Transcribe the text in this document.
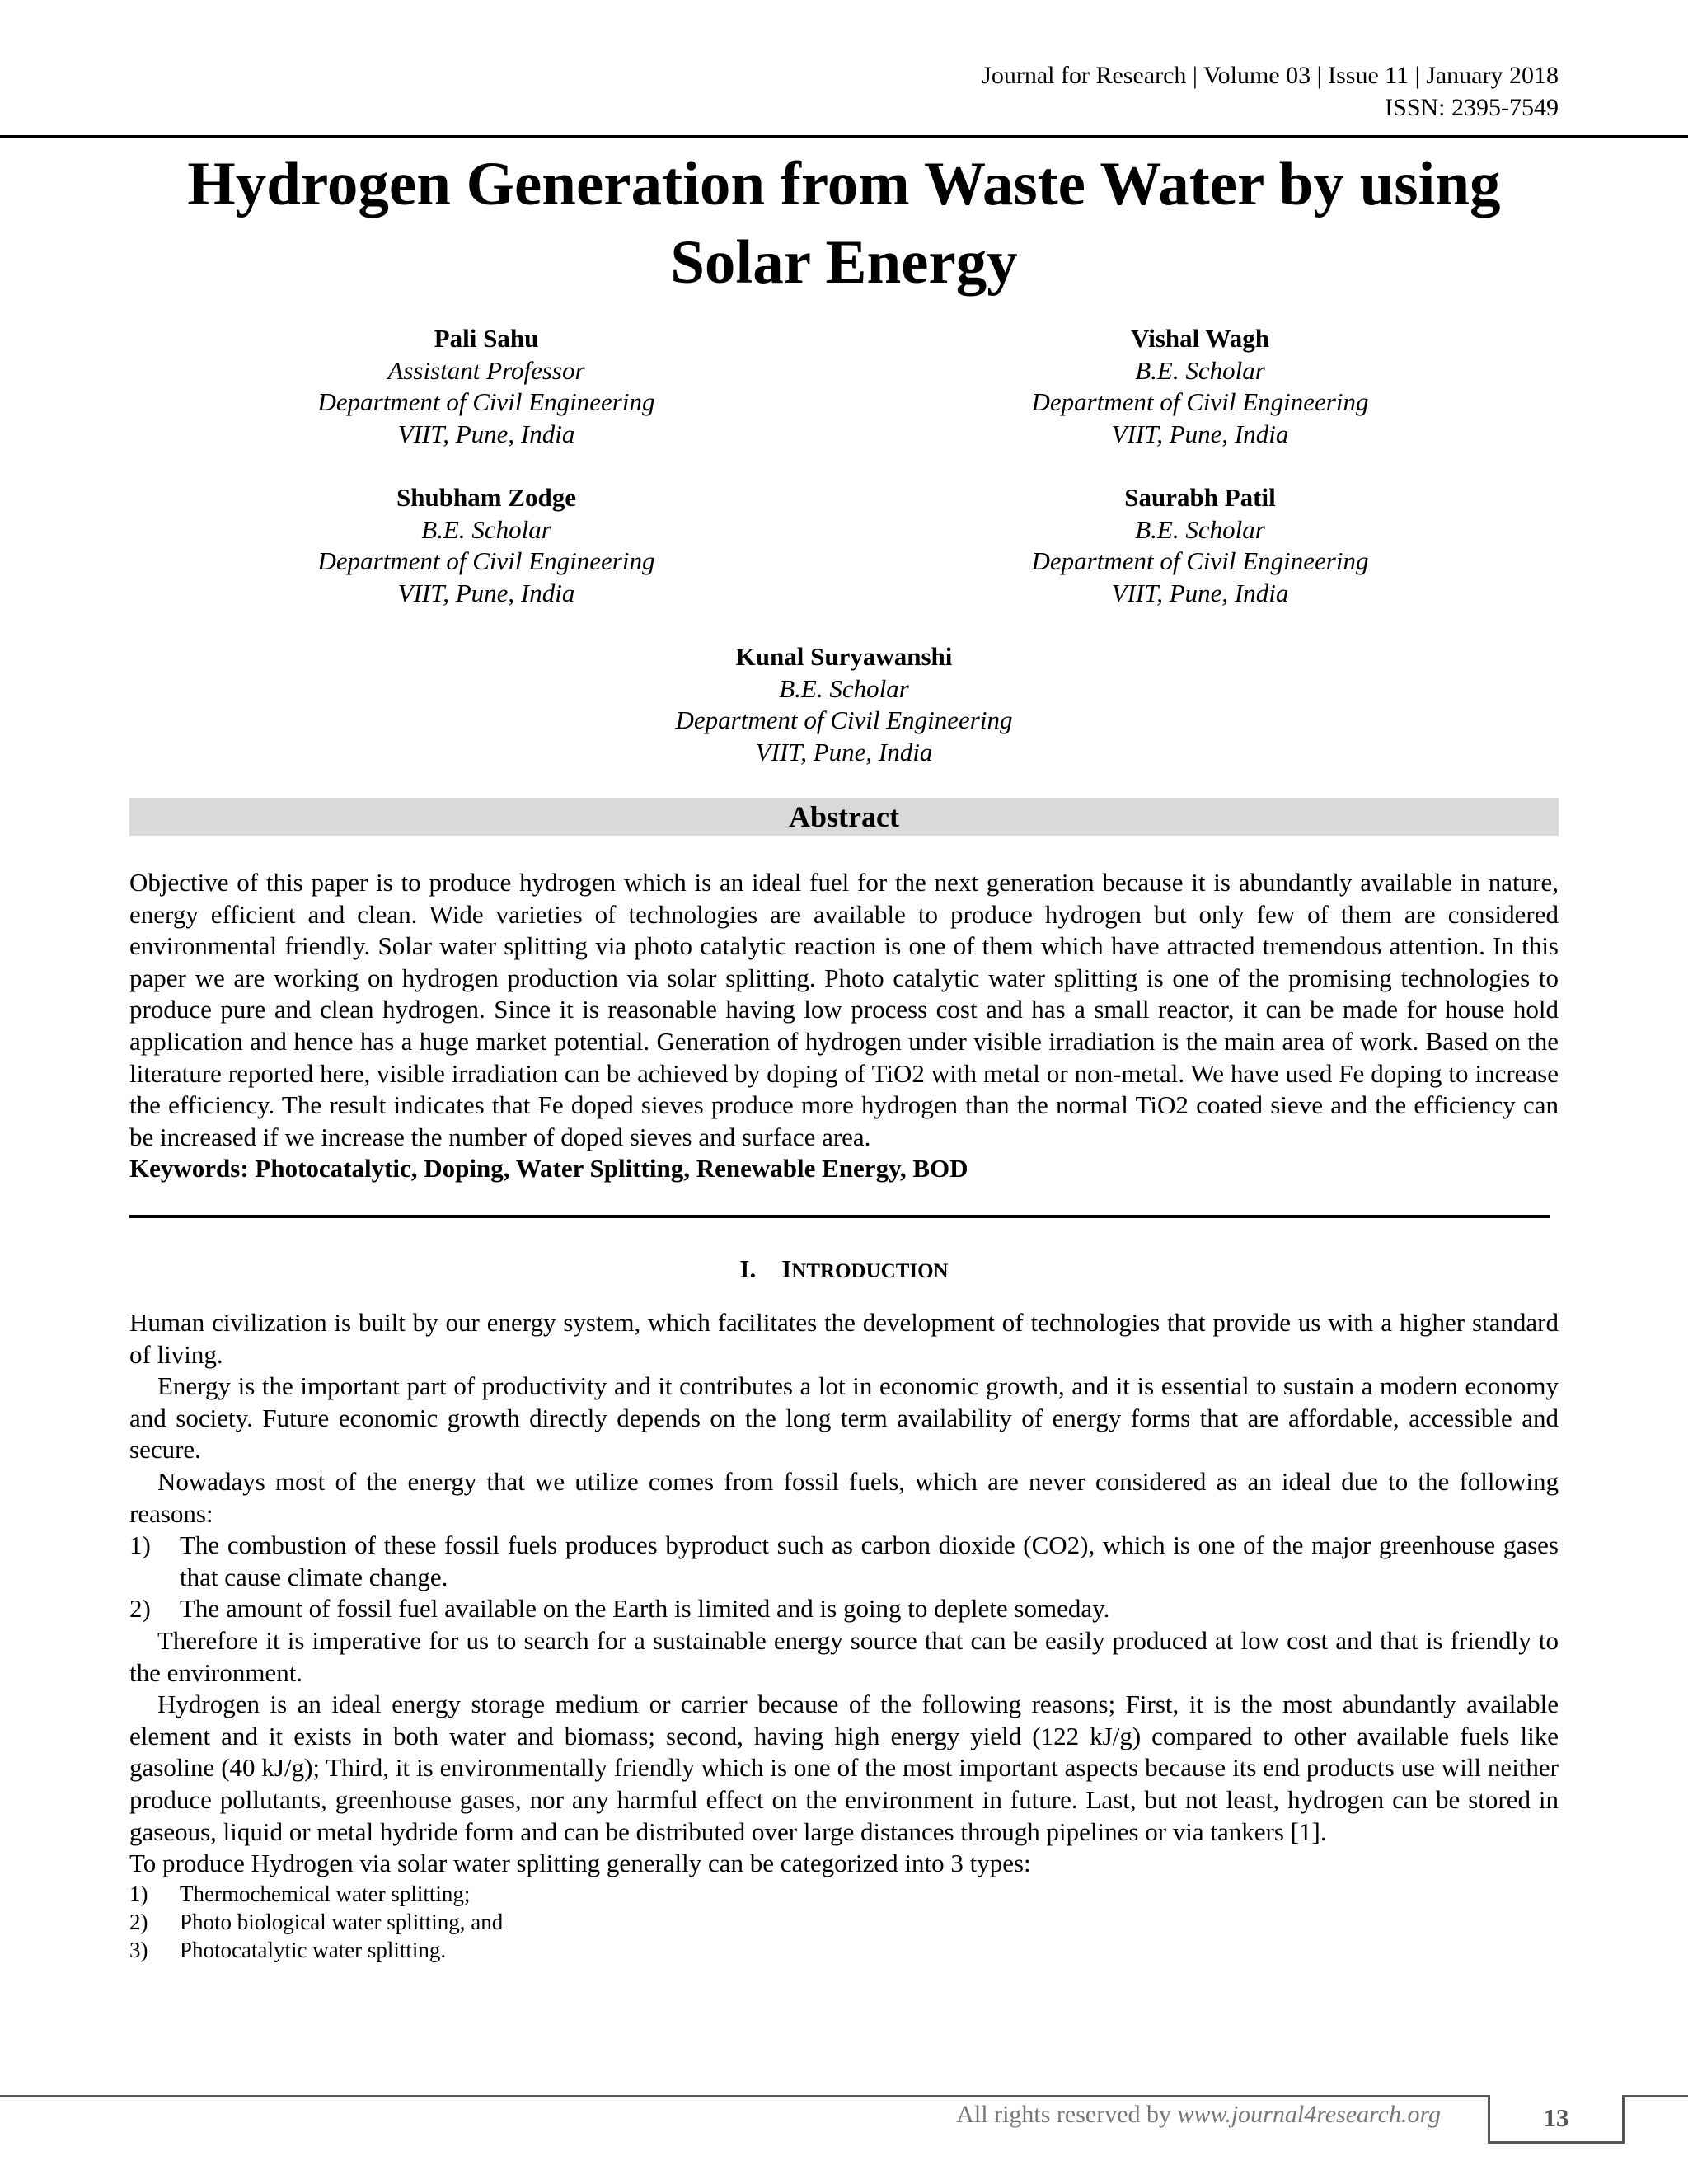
Journal for Research | Volume 03 | Issue 11 | January 2018
ISSN: 2395-7549
Hydrogen Generation from Waste Water by using Solar Energy
Pali Sahu
Assistant Professor
Department of Civil Engineering
VIIT, Pune, India
Vishal Wagh
B.E. Scholar
Department of Civil Engineering
VIIT, Pune, India
Shubham Zodge
B.E. Scholar
Department of Civil Engineering
VIIT, Pune, India
Saurabh Patil
B.E. Scholar
Department of Civil Engineering
VIIT, Pune, India
Kunal Suryawanshi
B.E. Scholar
Department of Civil Engineering
VIIT, Pune, India
Abstract

Objective of this paper is to produce hydrogen which is an ideal fuel for the next generation because it is abundantly available in nature, energy efficient and clean. Wide varieties of technologies are available to produce hydrogen but only few of them are considered environmental friendly. Solar water splitting via photo catalytic reaction is one of them which have attracted tremendous attention. In this paper we are working on hydrogen production via solar splitting. Photo catalytic water splitting is one of the promising technologies to produce pure and clean hydrogen. Since it is reasonable having low process cost and has a small reactor, it can be made for house hold application and hence has a huge market potential. Generation of hydrogen under visible irradiation is the main area of work. Based on the literature reported here, visible irradiation can be achieved by doping of TiO2 with metal or non-metal. We have used Fe doping to increase the efficiency. The result indicates that Fe doped sieves produce more hydrogen than the normal TiO2 coated sieve and the efficiency can be increased if we increase the number of doped sieves and surface area.

Keywords: Photocatalytic, Doping, Water Splitting, Renewable Energy, BOD

I. INTRODUCTION

Human civilization is built by our energy system, which facilitates the development of technologies that provide us with a higher standard of living.

Energy is the important part of productivity and it contributes a lot in economic growth, and it is essential to sustain a modern economy and society. Future economic growth directly depends on the long term availability of energy forms that are affordable, accessible and secure.

Nowadays most of the energy that we utilize comes from fossil fuels, which are never considered as an ideal due to the following reasons:

1) The combustion of these fossil fuels produces byproduct such as carbon dioxide (CO2), which is one of the major greenhouse gases that cause climate change.
2) The amount of fossil fuel available on the Earth is limited and is going to deplete someday.

Therefore it is imperative for us to search for a sustainable energy source that can be easily produced at low cost and that is friendly to the environment.

Hydrogen is an ideal energy storage medium or carrier because of the following reasons; First, it is the most abundantly available element and it exists in both water and biomass; second, having high energy yield (122 kJ/g) compared to other available fuels like gasoline (40 kJ/g); Third, it is environmentally friendly which is one of the most important aspects because its end products use will neither produce pollutants, greenhouse gases, nor any harmful effect on the environment in future. Last, but not least, hydrogen can be stored in gaseous, liquid or metal hydride form and can be distributed over large distances through pipelines or via tankers [1].

To produce Hydrogen via solar water splitting generally can be categorized into 3 types:

1) Thermochemical water splitting;
2) Photo biological water splitting, and
3) Photocatalytic water splitting.
All rights reserved by www.journal4research.org	13
